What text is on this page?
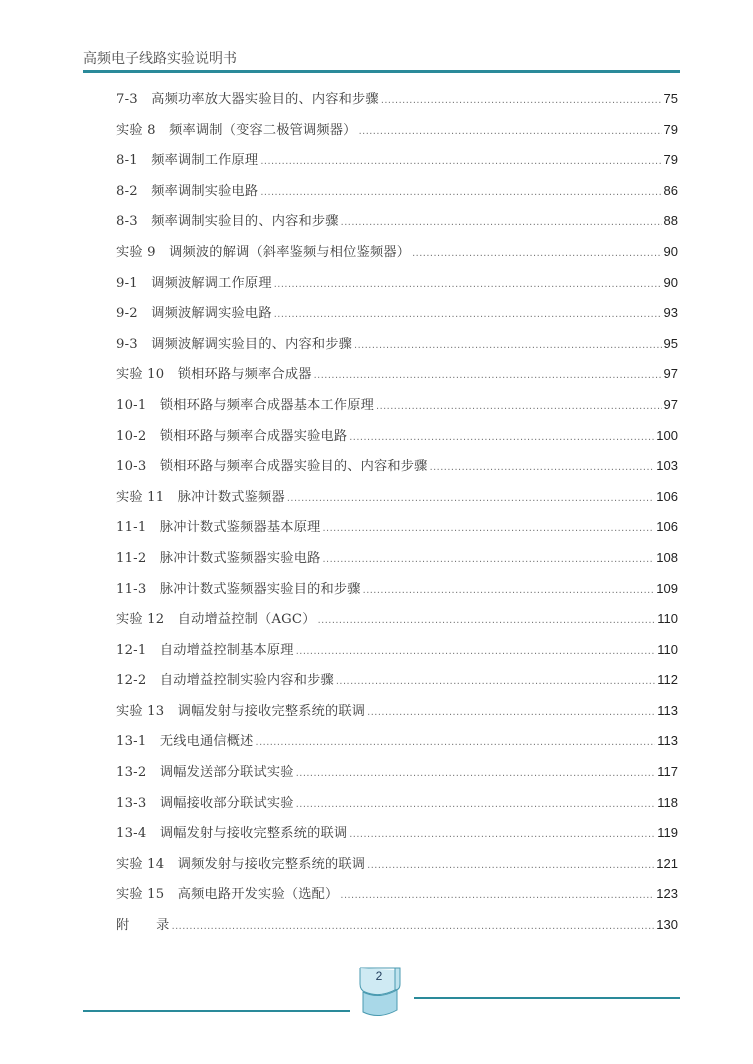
高频电子线路实验说明书
7-3　高频功率放大器实验目的、内容和步骤 .....	75
实验 8　频率调制（变容二极管调频器） .....	79
8-1　频率调制工作原理 .....	79
8-2　频率调制实验电路 .....	86
8-3　频率调制实验目的、内容和步骤 .....	88
实验 9　调频波的解调（斜率鉴频与相位鉴频器） .....	90
9-1　调频波解调工作原理 .....	90
9-2　调频波解调实验电路 .....	93
9-3　调频波解调实验目的、内容和步骤 .....	95
实验 10　锁相环路与频率合成器 .....	97
10-1　锁相环路与频率合成器基本工作原理 .....	97
10-2　锁相环路与频率合成器实验电路 .....	100
10-3　锁相环路与频率合成器实验目的、内容和步骤 .....	103
实验 11　脉冲计数式鉴频器 .....	106
11-1　脉冲计数式鉴频器基本原理 .....	106
11-2　脉冲计数式鉴频器实验电路 .....	108
11-3　脉冲计数式鉴频器实验目的和步骤 .....	109
实验 12　自动增益控制（AGC） .....	110
12-1　自动增益控制基本原理 .....	110
12-2　自动增益控制实验内容和步骤 .....	112
实验 13　调幅发射与接收完整系统的联调 .....	113
13-1　无线电通信概述 .....	113
13-2　调幅发送部分联试实验 .....	117
13-3　调幅接收部分联试实验 .....	118
13-4　调幅发射与接收完整系统的联调 .....	119
实验 14　调频发射与接收完整系统的联调 .....	121
实验 15　高频电路开发实验（选配） .....	123
附　　录 .....	130
2
